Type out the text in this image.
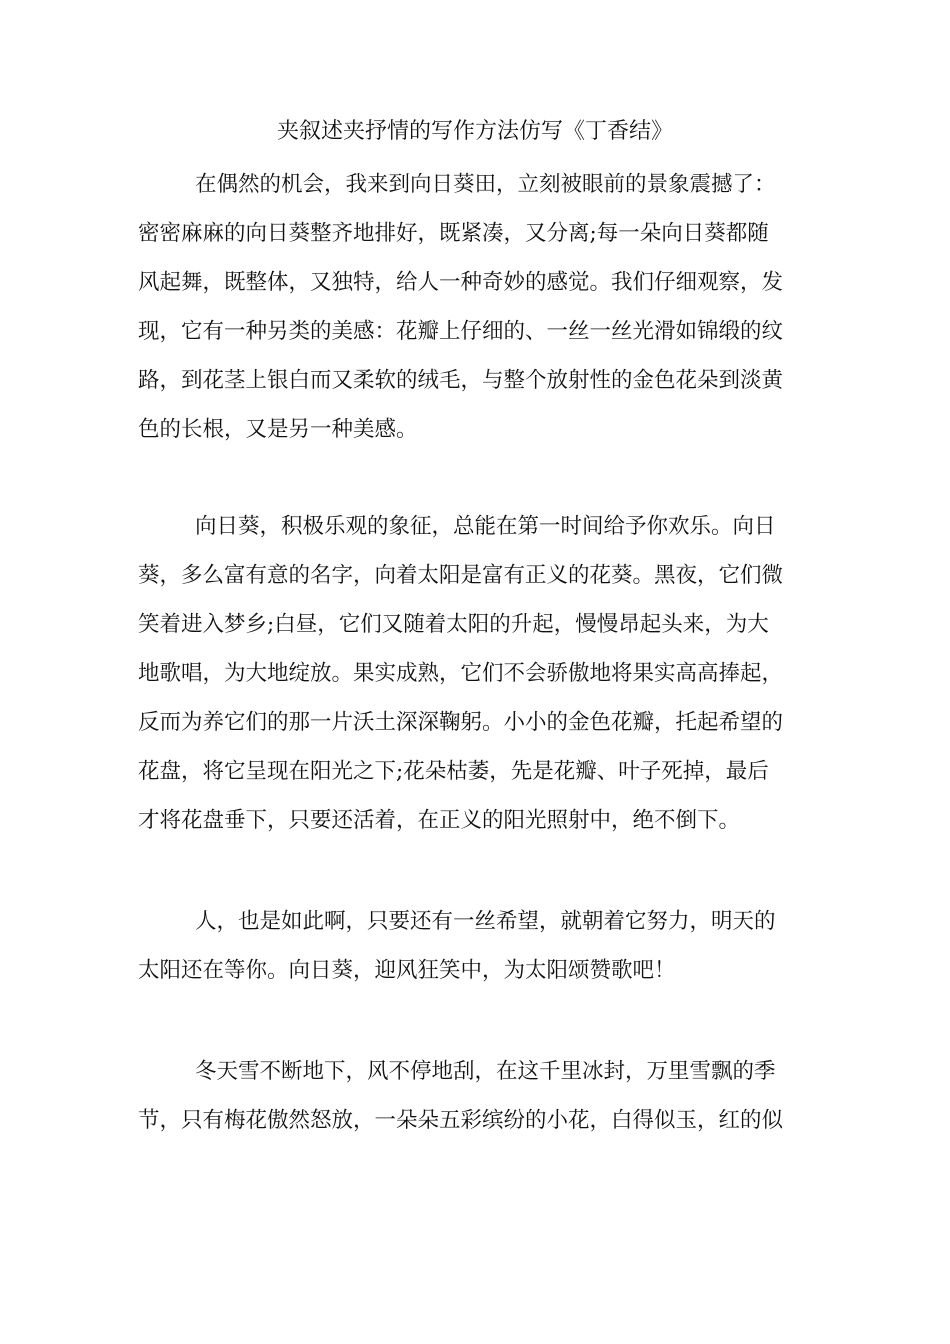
夹叙述夹抒情的写作方法仿写《丁香结》
在偶然的机会，我来到向日葵田，立刻被眼前的景象震撼了：
密密麻麻的向日葵整齐地排好，既紧凑，又分离;每一朵向日葵都随
风起舞，既整体，又独特，给人一种奇妙的感觉。我们仔细观察，发
现，它有一种另类的美感：花瓣上仔细的、一丝一丝光滑如锦缎的纹
路，到花茎上银白而又柔软的绒毛，与整个放射性的金色花朵到淡黄
色的长根，又是另一种美感。
向日葵，积极乐观的象征，总能在第一时间给予你欢乐。向日
葵，多么富有意的名字，向着太阳是富有正义的花葵。黑夜，它们微
笑着进入梦乡;白昼，它们又随着太阳的升起，慢慢昂起头来，为大
地歌唱，为大地绽放。果实成熟，它们不会骄傲地将果实高高捧起，
反而为养它们的那一片沃土深深鞠躬。小小的金色花瓣，托起希望的
花盘，将它呈现在阳光之下;花朵枯萎，先是花瓣、叶子死掉，最后
才将花盘垂下，只要还活着，在正义的阳光照射中，绝不倒下。
人，也是如此啊，只要还有一丝希望，就朝着它努力，明天的
太阳还在等你。向日葵，迎风狂笑中，为太阳颂赞歌吧！
冬天雪不断地下，风不停地刮，在这千里冰封，万里雪飘的季
节，只有梅花傲然怒放，一朵朵五彩缤纷的小花，白得似玉，红的似
